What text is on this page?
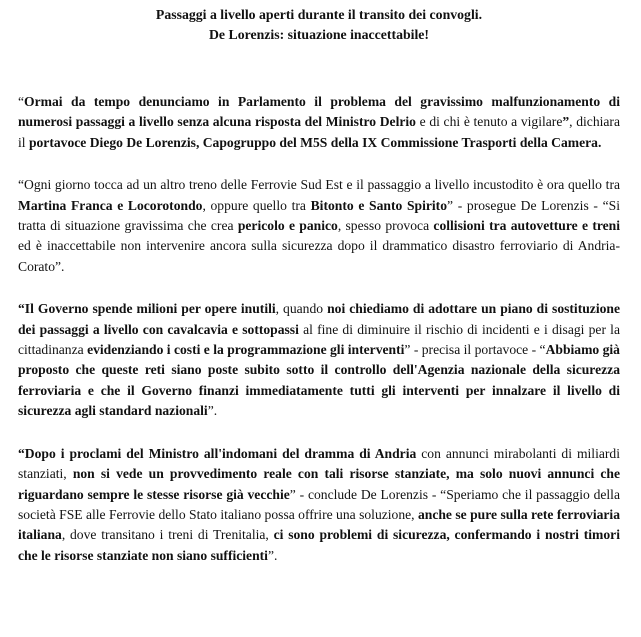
Passaggi a livello aperti durante il transito dei convogli.
De Lorenzis: situazione inaccettabile!

“Ormai da tempo denunciamo in Parlamento il problema del gravissimo malfunzionamento di numerosi passaggi a livello senza alcuna risposta del Ministro Delrio e di chi è tenuto a vigilare”, dichiara il portavoce Diego De Lorenzis, Capogruppo del M5S della IX Commissione Trasporti della Camera.

“Ogni giorno tocca ad un altro treno delle Ferrovie Sud Est e il passaggio a livello incustodito è ora quello tra Martina Franca e Locorotondo, oppure quello tra Bitonto e Santo Spirito” - prosegue De Lorenzis - “Si tratta di situazione gravissima che crea pericolo e panico, spesso provoca collisioni tra autovetture e treni ed è inaccettabile non intervenire ancora sulla sicurezza dopo il drammatico disastro ferroviario di Andria-Corato”.

“Il Governo spende milioni per opere inutili, quando noi chiediamo di adottare un piano di sostituzione dei passaggi a livello con cavalcavia e sottopassi al fine di diminuire il rischio di incidenti e i disagi per la cittadinanza evidenziando i costi e la programmazione gli interventi” - precisa il portavoce - “Abbiamo già proposto che queste reti siano poste subito sotto il controllo dell'Agenzia nazionale della sicurezza ferroviaria e che il Governo finanzi immediatamente tutti gli interventi per innalzare il livello di sicurezza agli standard nazionali”.

“Dopo i proclami del Ministro all'indomani del dramma di Andria con annunci mirabolanti di miliardi stanziati, non si vede un provvedimento reale con tali risorse stanziate, ma solo nuovi annunci che riguardano sempre le stesse risorse già vecchie” - conclude De Lorenzis - “Speriamo che il passaggio della società FSE alle Ferrovie dello Stato italiano possa offrire una soluzione, anche se pure sulla rete ferroviaria italiana, dove transitano i treni di Trenitalia, ci sono problemi di sicurezza, confermando i nostri timori che le risorse stanziate non siano sufficienti”.
